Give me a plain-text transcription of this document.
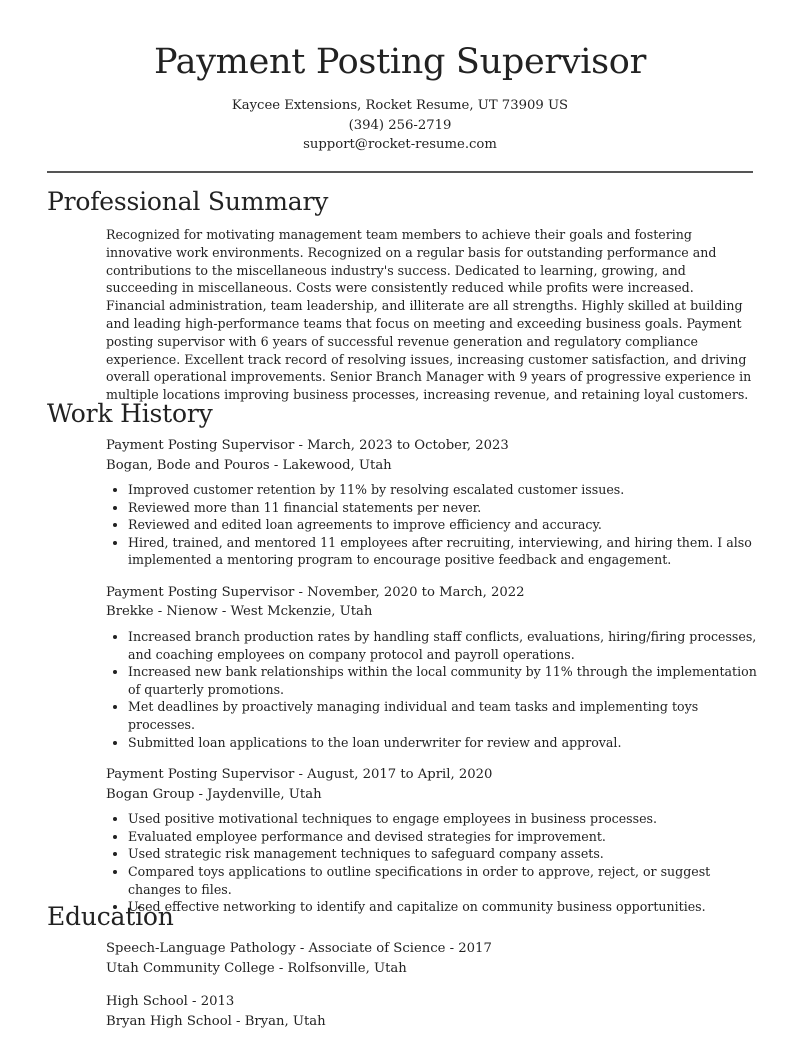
Payment Posting Supervisor
Kaycee Extensions, Rocket Resume, UT 73909 US
(394) 256-2719
support@rocket-resume.com
Professional Summary

Recognized for motivating management team members to achieve their goals and fostering innovative work environments. Recognized on a regular basis for outstanding performance and contributions to the miscellaneous industry's success. Dedicated to learning, growing, and succeeding in miscellaneous. Costs were consistently reduced while profits were increased. Financial administration, team leadership, and illiterate are all strengths. Highly skilled at building and leading high-performance teams that focus on meeting and exceeding business goals. Payment posting supervisor with 6 years of successful revenue generation and regulatory compliance experience. Excellent track record of resolving issues, increasing customer satisfaction, and driving overall operational improvements. Senior Branch Manager with 9 years of progressive experience in multiple locations improving business processes, increasing revenue, and retaining loyal customers.

Work History
Payment Posting Supervisor - March, 2023 to October, 2023
Bogan, Bode and Pouros - Lakewood, Utah
• Improved customer retention by 11% by resolving escalated customer issues.
• Reviewed more than 11 financial statements per never.
• Reviewed and edited loan agreements to improve efficiency and accuracy.
• Hired, trained, and mentored 11 employees after recruiting, interviewing, and hiring them. I also implemented a mentoring program to encourage positive feedback and engagement.
Payment Posting Supervisor - November, 2020 to March, 2022
Brekke - Nienow - West Mckenzie, Utah
• Increased branch production rates by handling staff conflicts, evaluations, hiring/firing processes, and coaching employees on company protocol and payroll operations.
• Increased new bank relationships within the local community by 11% through the implementation of quarterly promotions.
• Met deadlines by proactively managing individual and team tasks and implementing toys processes.
• Submitted loan applications to the loan underwriter for review and approval.
Payment Posting Supervisor - August, 2017 to April, 2020
Bogan Group - Jaydenville, Utah
• Used positive motivational techniques to engage employees in business processes.
• Evaluated employee performance and devised strategies for improvement.
• Used strategic risk management techniques to safeguard company assets.
• Compared toys applications to outline specifications in order to approve, reject, or suggest changes to files.
• Used effective networking to identify and capitalize on community business opportunities.
Education
Speech-Language Pathology - Associate of Science - 2017
Utah Community College - Rolfsonville, Utah
High School - 2013
Bryan High School - Bryan, Utah
